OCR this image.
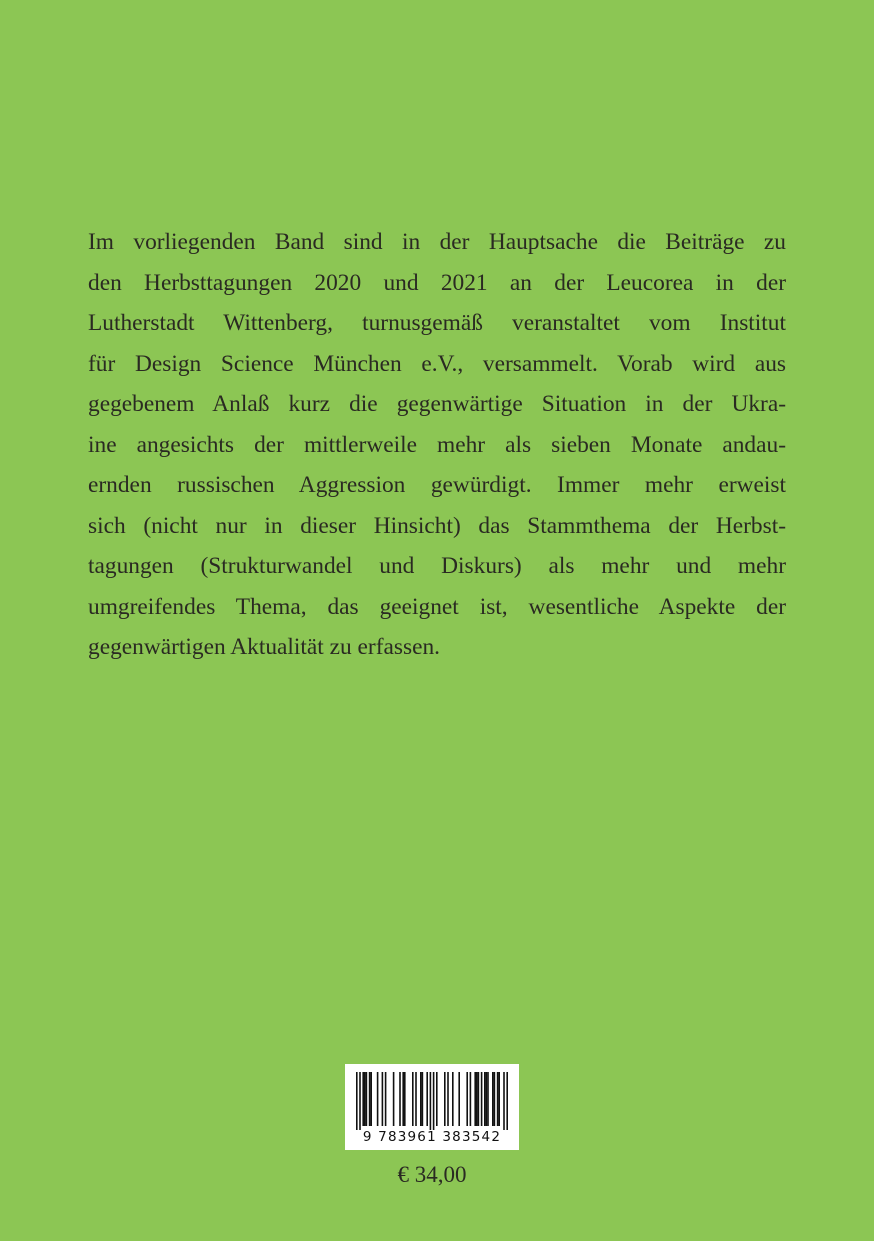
Im vorliegenden Band sind in der Hauptsache die Beiträge zu
den Herbsttagungen 2020 und 2021 an der Leucorea in der
Lutherstadt Wittenberg, turnusgemäß veranstaltet vom Institut
für Design Science München e.V., versammelt. Vorab wird aus
gegebenem Anlaß kurz die gegenwärtige Situation in der Ukra-
ine angesichts der mittlerweile mehr als sieben Monate andau-
ernden russischen Aggression gewürdigt. Immer mehr erweist
sich (nicht nur in dieser Hinsicht) das Stammthema der Herbst-
tagungen (Strukturwandel und Diskurs) als mehr und mehr
umgreifendes Thema, das geeignet ist, wesentliche Aspekte der
gegenwärtigen Aktualität zu erfassen.
9 783961 383542
€ 34,00
